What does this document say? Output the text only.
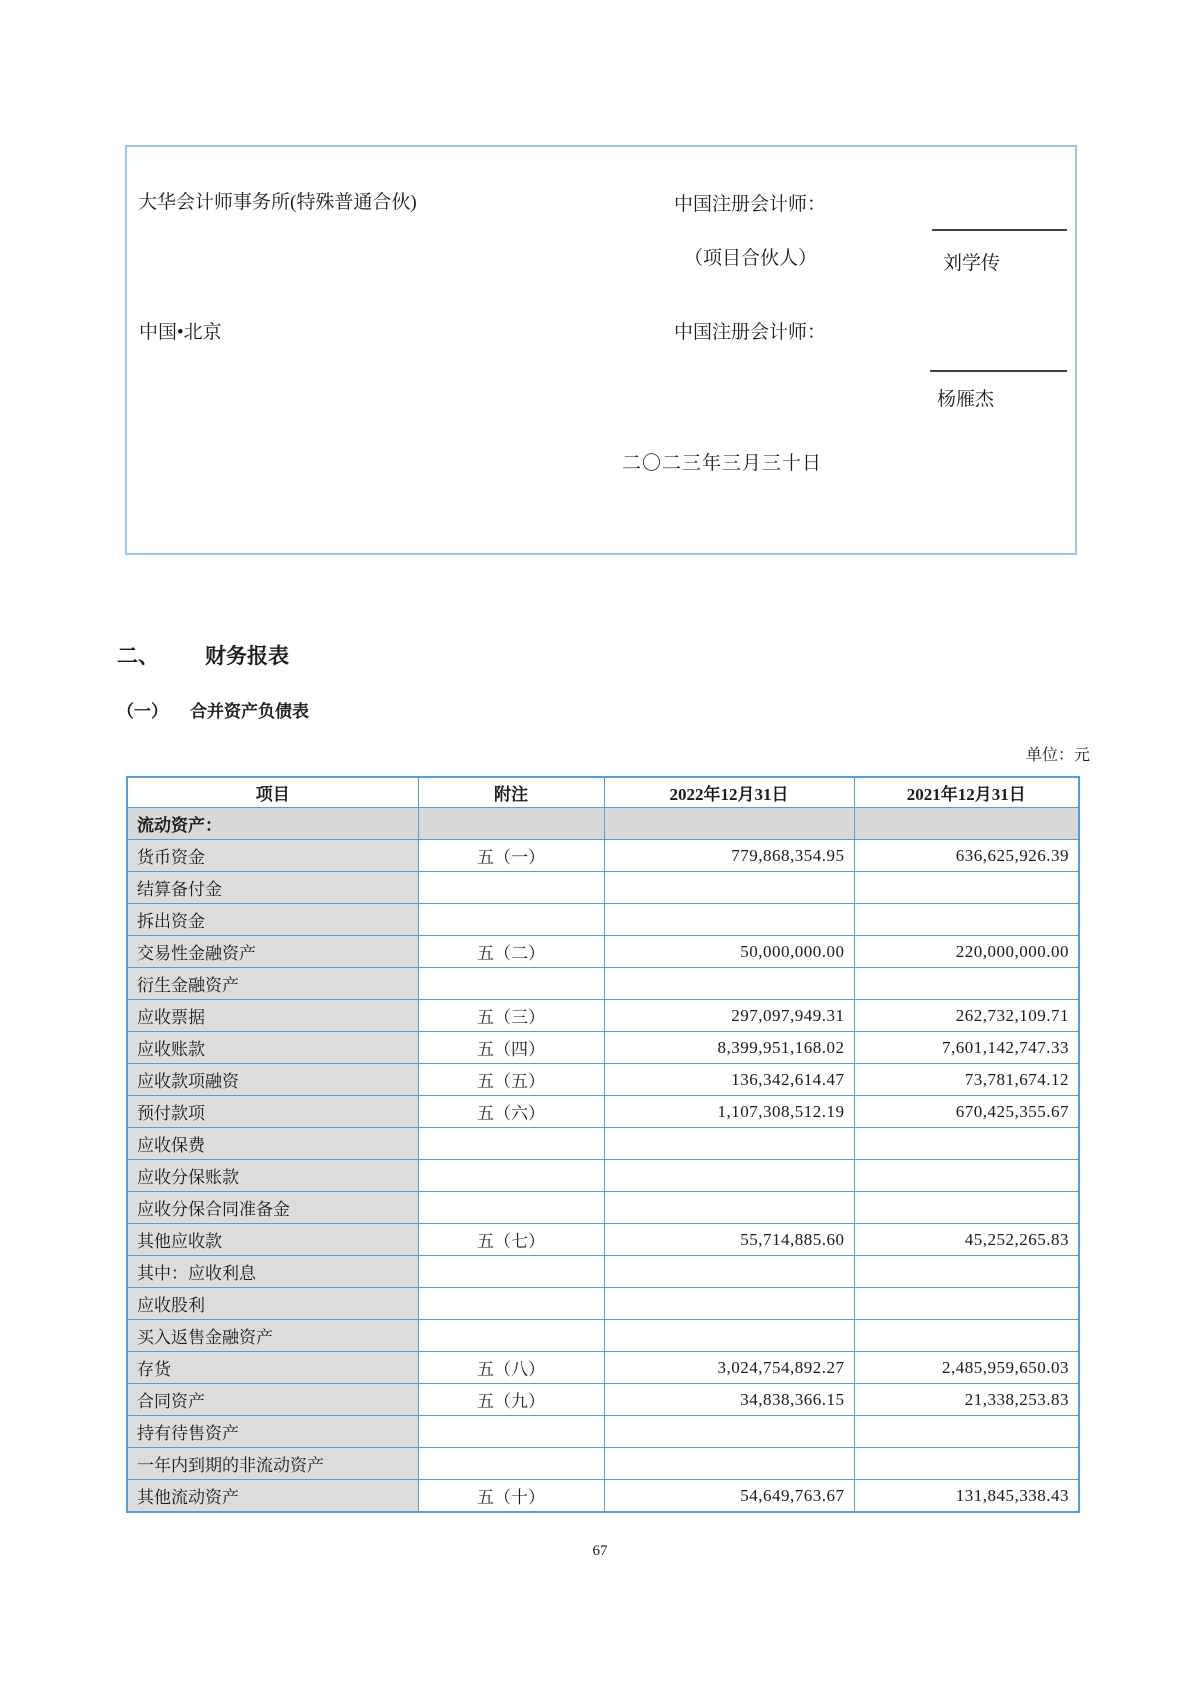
大华会计师事务所(特殊普通合伙)	中国注册会计师：
（项目合伙人）	刘学传
中国•北京	中国注册会计师：
杨雁杰
二〇二三年三月三十日
二、 财务报表
（一） 合并资产负债表
单位：元
项目	附注	2022年12月31日	2021年12月31日
流动资产：			
货币资金	五（一）	779,868,354.95	636,625,926.39
结算备付金			
拆出资金			
交易性金融资产	五（二）	50,000,000.00	220,000,000.00
衍生金融资产			
应收票据	五（三）	297,097,949.31	262,732,109.71
应收账款	五（四）	8,399,951,168.02	7,601,142,747.33
应收款项融资	五（五）	136,342,614.47	73,781,674.12
预付款项	五（六）	1,107,308,512.19	670,425,355.67
应收保费			
应收分保账款			
应收分保合同准备金			
其他应收款	五（七）	55,714,885.60	45,252,265.83
其中：应收利息			
应收股利			
买入返售金融资产			
存货	五（八）	3,024,754,892.27	2,485,959,650.03
合同资产	五（九）	34,838,366.15	21,338,253.83
持有待售资产			
一年内到期的非流动资产			
其他流动资产	五（十）	54,649,763.67	131,845,338.43
67
